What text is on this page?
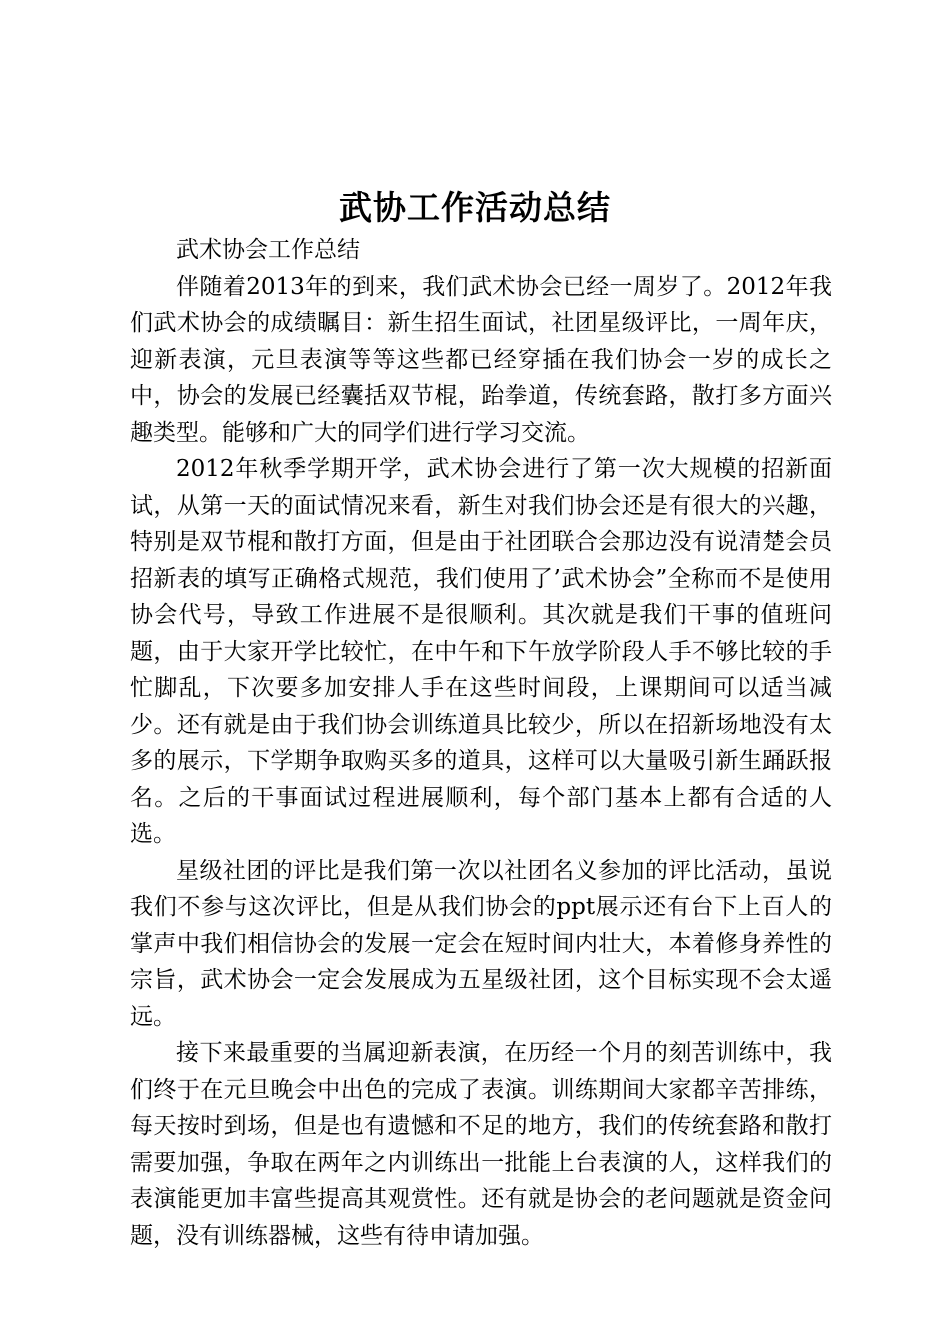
武协工作活动总结

武术协会工作总结

伴随着2013年的到来，我们武术协会已经一周岁了。2012年我们武术协会的成绩瞩目：新生招生面试，社团星级评比，一周年庆，迎新表演，元旦表演等等这些都已经穿插在我们协会一岁的成长之中，协会的发展已经囊括双节棍，跆拳道，传统套路，散打多方面兴趣类型。能够和广大的同学们进行学习交流。

2012年秋季学期开学，武术协会进行了第一次大规模的招新面试，从第一天的面试情况来看，新生对我们协会还是有很大的兴趣，特别是双节棍和散打方面，但是由于社团联合会那边没有说清楚会员招新表的填写正确格式规范，我们使用了’武术协会”全称而不是使用协会代号，导致工作进展不是很顺利。其次就是我们干事的值班问题，由于大家开学比较忙，在中午和下午放学阶段人手不够比较的手忙脚乱，下次要多加安排人手在这些时间段，上课期间可以适当减少。还有就是由于我们协会训练道具比较少，所以在招新场地没有太多的展示，下学期争取购买多的道具，这样可以大量吸引新生踊跃报名。之后的干事面试过程进展顺利，每个部门基本上都有合适的人选。

星级社团的评比是我们第一次以社团名义参加的评比活动，虽说我们不参与这次评比，但是从我们协会的ppt展示还有台下上百人的掌声中我们相信协会的发展一定会在短时间内壮大，本着修身养性的宗旨，武术协会一定会发展成为五星级社团，这个目标实现不会太遥远。

接下来最重要的当属迎新表演，在历经一个月的刻苦训练中，我们终于在元旦晚会中出色的完成了表演。训练期间大家都辛苦排练，每天按时到场，但是也有遗憾和不足的地方，我们的传统套路和散打需要加强，争取在两年之内训练出一批能上台表演的人，这样我们的表演能更加丰富些提高其观赏性。还有就是协会的老问题就是资金问题，没有训练器械，这些有待申请加强。
